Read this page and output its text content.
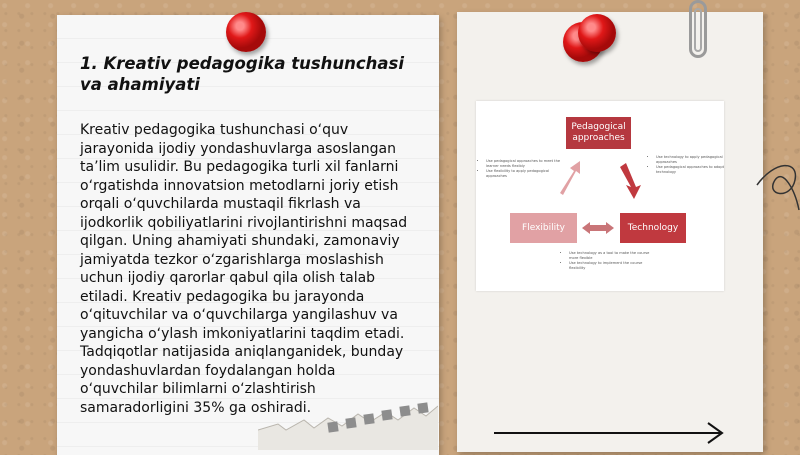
1. Kreativ pedagogika tushunchasi va ahamiyati

Kreativ pedagogika tushunchasi o‘quv jarayonida ijodiy yondashuvlarga asoslangan ta’lim usulidir. Bu pedagogika turli xil fanlarni o‘rgatishda innovatsion metodlarni joriy etish orqali o‘quvchilarda mustaqil fikrlash va ijodkorlik qobiliyatlarini rivojlantirishni maqsad qilgan. Uning ahamiyati shundaki, zamonaviy jamiyatda tezkor o‘zgarishlarga moslashish uchun ijodiy qarorlar qabul qila olish talab etiladi. Kreativ pedagogika bu jarayonda o‘qituvchilar va o‘quvchilarga yangilashuv va yangicha o‘ylash imkoniyatlarini taqdim etadi. Tadqiqotlar natijasida aniqlanganidek, bunday yondashuvlardan foydalangan holda o‘quvchilar bilimlarni o‘zlashtirish samaradorligini 35% ga oshiradi.

Pedagogical approaches
Flexibility	Technology
• Use pedagogical approaches to meet the learner needs flexibly
• Use flexibility to apply pedagogical approaches
• Use technology to apply pedagogical approaches
• Use pedagogical approaches to adopt technology
• Use technology as a tool to make the course more flexible
• Use technology to implement the course flexibility
